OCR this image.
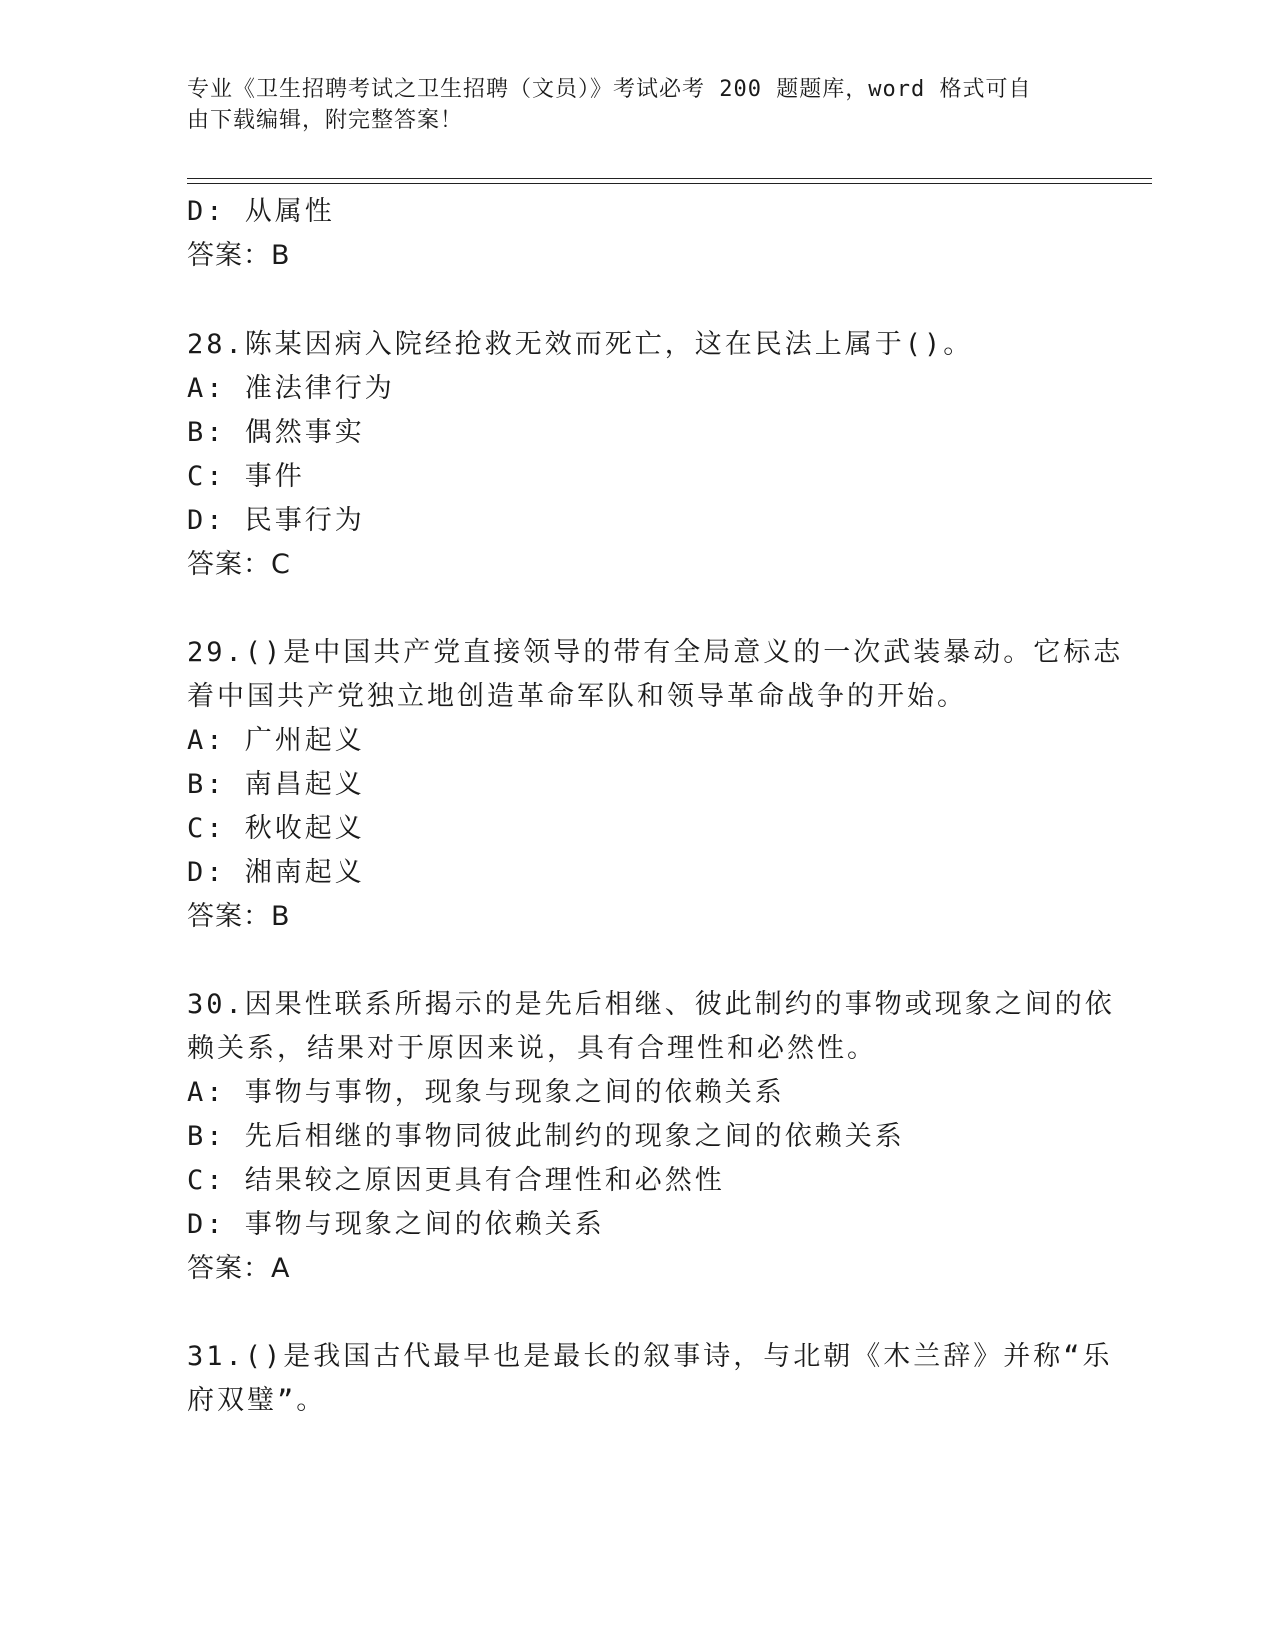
专业《卫生招聘考试之卫生招聘（文员）》考试必考 200 题题库，word 格式可自
由下载编辑，附完整答案！
D: 从属性
答案：B
28.陈某因病入院经抢救无效而死亡，这在民法上属于()。
A: 准法律行为
B: 偶然事实
C: 事件
D: 民事行为
答案：C
29.()是中国共产党直接领导的带有全局意义的一次武装暴动。它标志
着中国共产党独立地创造革命军队和领导革命战争的开始。
A: 广州起义
B: 南昌起义
C: 秋收起义
D: 湘南起义
答案：B
30.因果性联系所揭示的是先后相继、彼此制约的事物或现象之间的依
赖关系，结果对于原因来说，具有合理性和必然性。
A: 事物与事物，现象与现象之间的依赖关系
B: 先后相继的事物同彼此制约的现象之间的依赖关系
C: 结果较之原因更具有合理性和必然性
D: 事物与现象之间的依赖关系
答案：A
31.()是我国古代最早也是最长的叙事诗，与北朝《木兰辞》并称“乐
府双璧”。
